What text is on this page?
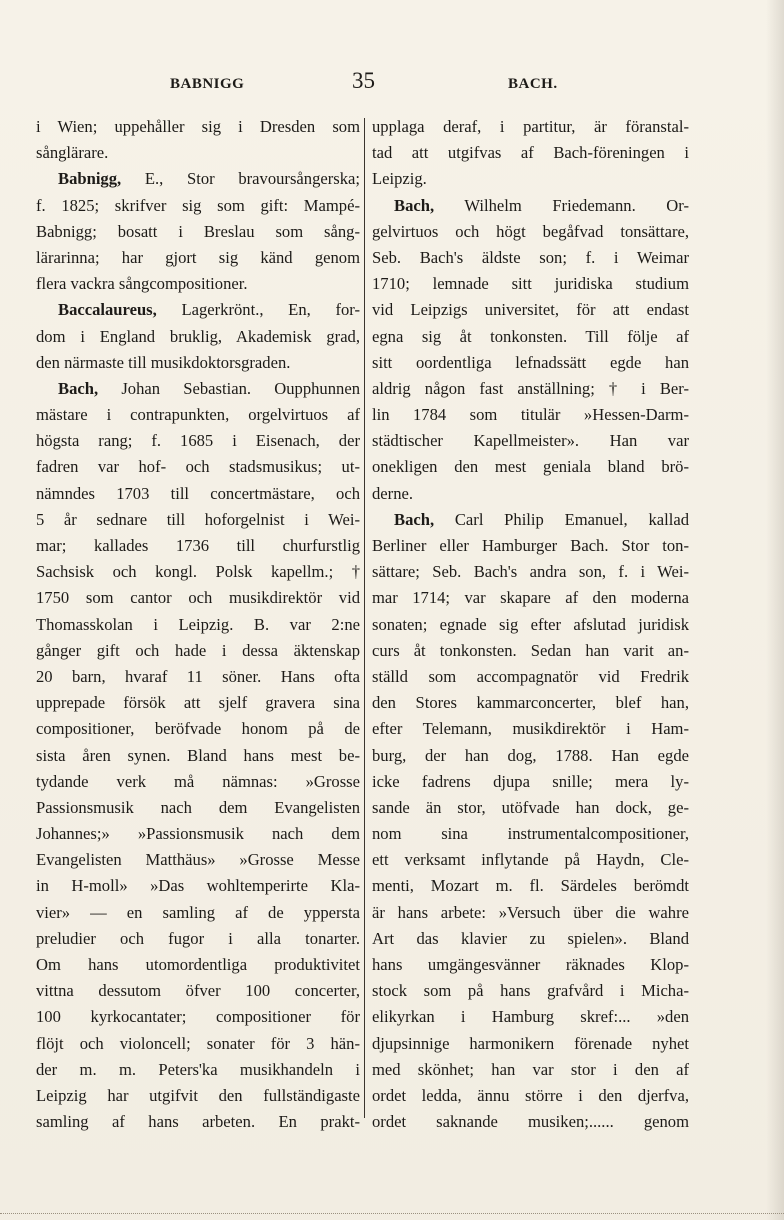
BABNIGG	35	BACH.
i Wien; uppehåller sig i Dresden som
sånglärare.
Babnigg, E., Stor bravoursångerska;
f. 1825; skrifver sig som gift: Mampé-
Babnigg; bosatt i Breslau som sång-
lärarinna; har gjort sig känd genom
flera vackra sångcompositioner.
Baccalaureus, Lagerkrönt., En, for-
dom i England bruklig, Akademisk grad,
den närmaste till musikdoktorsgraden.
Bach, Johan Sebastian. Oupphunnen
mästare i contrapunkten, orgelvirtuos af
högsta rang; f. 1685 i Eisenach, der
fadren var hof- och stadsmusikus; ut-
nämndes 1703 till concertmästare, och
5 år sednare till hoforgelnist i Wei-
mar; kallades 1736 till churfurstlig
Sachsisk och kongl. Polsk kapellm.; †
1750 som cantor och musikdirektör vid
Thomasskolan i Leipzig. B. var 2:ne
gånger gift och hade i dessa äktenskap
20 barn, hvaraf 11 söner. Hans ofta
upprepade försök att sjelf gravera sina
compositioner, beröfvade honom på de
sista åren synen. Bland hans mest be-
tydande verk må nämnas: »Grosse
Passionsmusik nach dem Evangelisten
Johannes;» »Passionsmusik nach dem
Evangelisten Matthäus» »Grosse Messe
in H-moll» »Das wohltemperirte Kla-
vier» — en samling af de yppersta
preludier och fugor i alla tonarter.
Om hans utomordentliga produktivitet
vittna dessutom öfver 100 concerter,
100 kyrkocantater; compositioner för
flöjt och violoncell; sonater för 3 hän-
der m. m. Peters'ka musikhandeln i
Leipzig har utgifvit den fullständigaste
samling af hans arbeten. En prakt-
upplaga deraf, i partitur, är föranstal-
tad att utgifvas af Bach-föreningen i
Leipzig.
Bach, Wilhelm Friedemann. Or-
gelvirtuos och högt begåfvad tonsättare,
Seb. Bach's äldste son; f. i Weimar
1710; lemnade sitt juridiska studium
vid Leipzigs universitet, för att endast
egna sig åt tonkonsten. Till följe af
sitt oordentliga lefnadssätt egde han
aldrig någon fast anställning; † i Ber-
lin 1784 som titulär »Hessen-Darm-
städtischer Kapellmeister». Han var
onekligen den mest geniala bland brö-
derne.
Bach, Carl Philip Emanuel, kallad
Berliner eller Hamburger Bach. Stor ton-
sättare; Seb. Bach's andra son, f. i Wei-
mar 1714; var skapare af den moderna
sonaten; egnade sig efter afslutad juridisk
curs åt tonkonsten. Sedan han varit an-
ställd som accompagnatör vid Fredrik
den Stores kammarconcerter, blef han,
efter Telemann, musikdirektör i Ham-
burg, der han dog, 1788. Han egde
icke fadrens djupa snille; mera ly-
sande än stor, utöfvade han dock, ge-
nom sina instrumentalcompositioner,
ett verksamt inflytande på Haydn, Cle-
menti, Mozart m. fl. Särdeles berömdt
är hans arbete: »Versuch über die wahre
Art das klavier zu spielen». Bland
hans umgängesvänner räknades Klop-
stock som på hans grafvård i Micha-
elikyrkan i Hamburg skref:... »den
djupsinnige harmonikern förenade nyhet
med skönhet; han var stor i den af
ordet ledda, ännu större i den djerfva,
ordet saknande musiken;...... genom
